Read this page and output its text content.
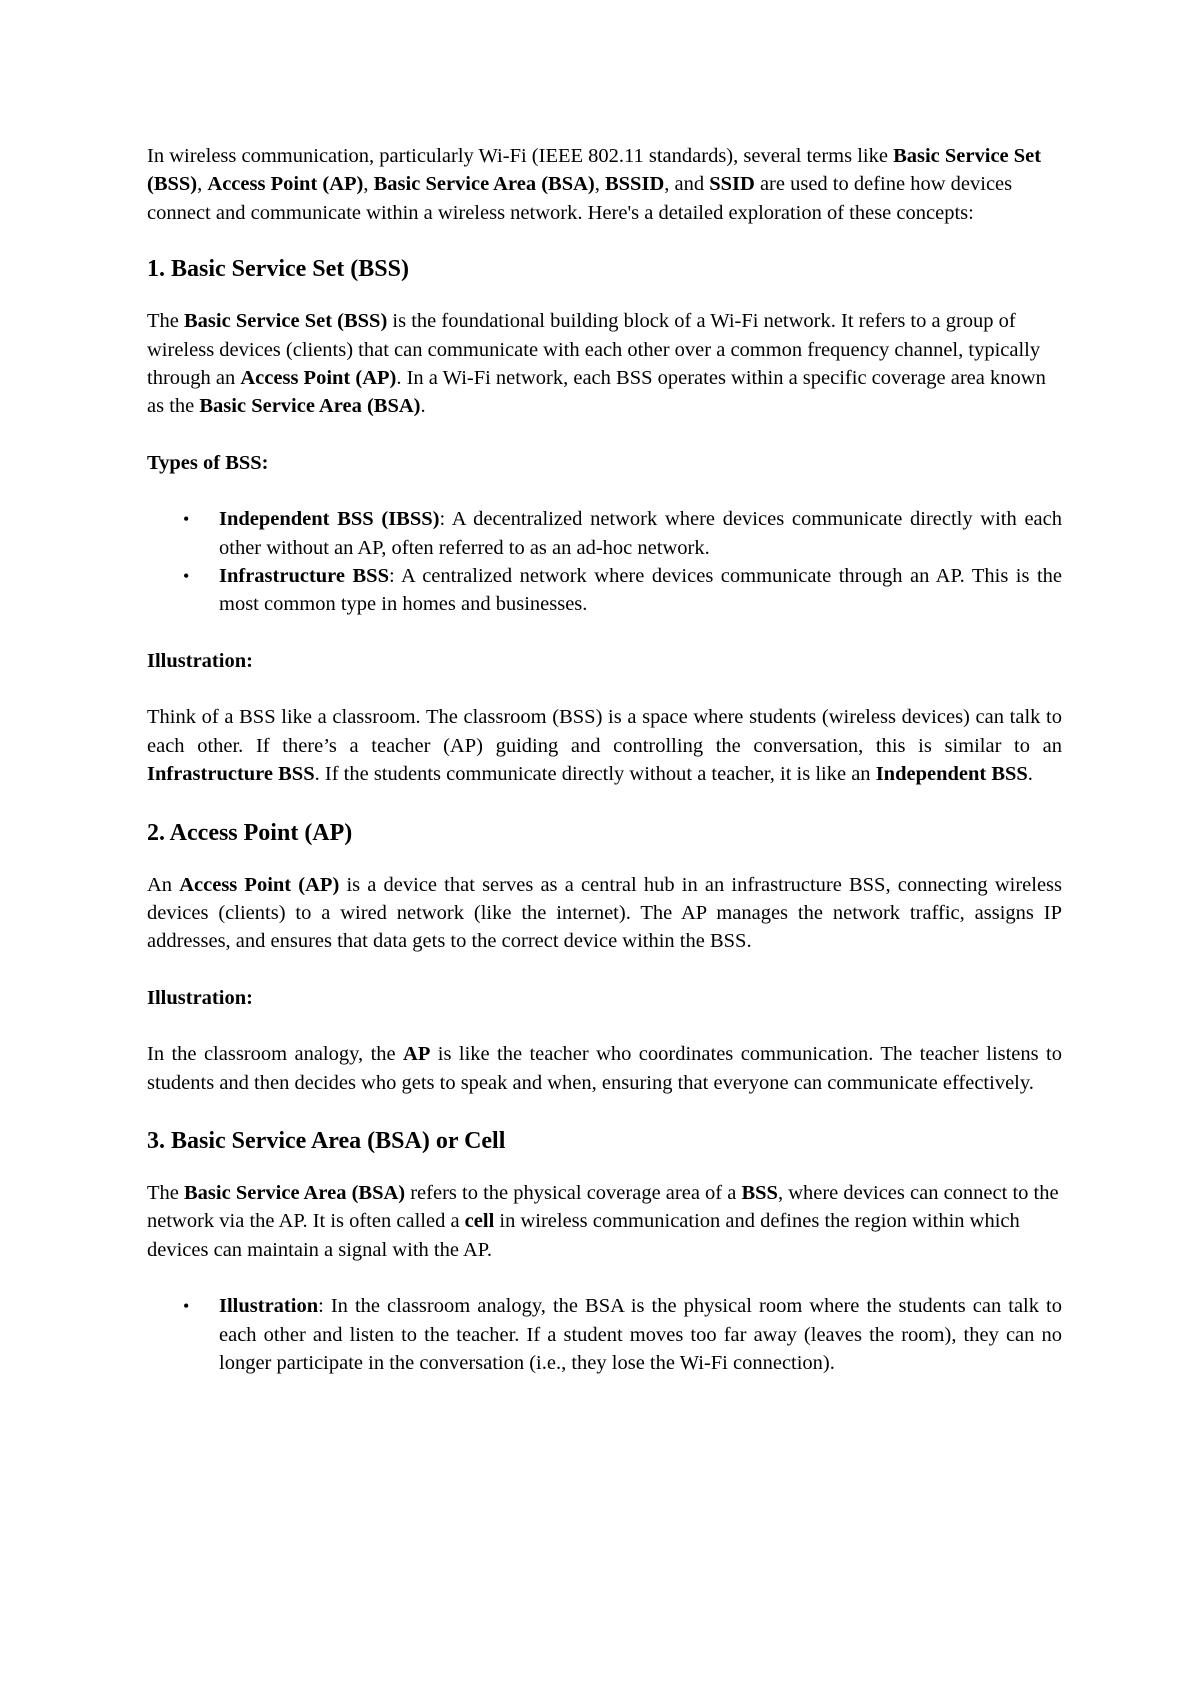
In wireless communication, particularly Wi-Fi (IEEE 802.11 standards), several terms like Basic Service Set (BSS), Access Point (AP), Basic Service Area (BSA), BSSID, and SSID are used to define how devices connect and communicate within a wireless network. Here's a detailed exploration of these concepts:

1. Basic Service Set (BSS)

The Basic Service Set (BSS) is the foundational building block of a Wi-Fi network. It refers to a group of wireless devices (clients) that can communicate with each other over a common frequency channel, typically through an Access Point (AP). In a Wi-Fi network, each BSS operates within a specific coverage area known as the Basic Service Area (BSA).

Types of BSS:

• Independent BSS (IBSS): A decentralized network where devices communicate directly with each other without an AP, often referred to as an ad-hoc network.
• Infrastructure BSS: A centralized network where devices communicate through an AP. This is the most common type in homes and businesses.

Illustration:

Think of a BSS like a classroom. The classroom (BSS) is a space where students (wireless devices) can talk to each other. If there’s a teacher (AP) guiding and controlling the conversation, this is similar to an Infrastructure BSS. If the students communicate directly without a teacher, it is like an Independent BSS.

2. Access Point (AP)

An Access Point (AP) is a device that serves as a central hub in an infrastructure BSS, connecting wireless devices (clients) to a wired network (like the internet). The AP manages the network traffic, assigns IP addresses, and ensures that data gets to the correct device within the BSS.

Illustration:

In the classroom analogy, the AP is like the teacher who coordinates communication. The teacher listens to students and then decides who gets to speak and when, ensuring that everyone can communicate effectively.

3. Basic Service Area (BSA) or Cell

The Basic Service Area (BSA) refers to the physical coverage area of a BSS, where devices can connect to the network via the AP. It is often called a cell in wireless communication and defines the region within which devices can maintain a signal with the AP.

• Illustration: In the classroom analogy, the BSA is the physical room where the students can talk to each other and listen to the teacher. If a student moves too far away (leaves the room), they can no longer participate in the conversation (i.e., they lose the Wi-Fi connection).
